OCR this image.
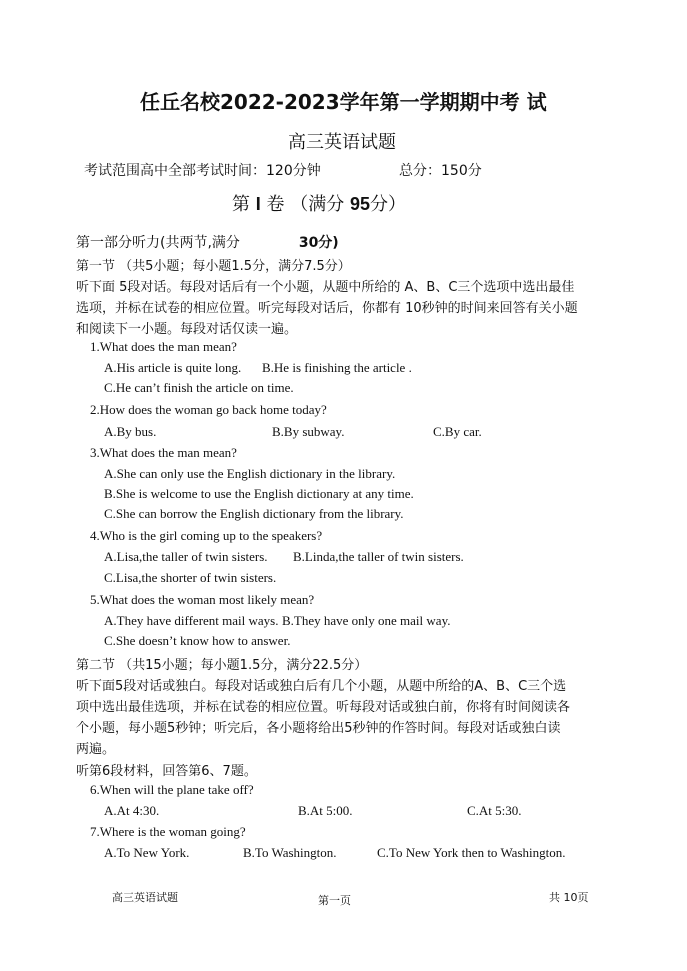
任丘名校2022-2023学年第一学期期中考 试
高三英语试题
考试范围高中全部考试时间：120分钟	总分：150分
第 I 卷 （满分 95分）
第一部分听力(共两节,满分	30分)
第一节 （共5小题；每小题1.5分，满分7.5分）
听下面 5段对话。每段对话后有一个小题，从题中所给的 A、B、C三个选项中选出最佳
选项，并标在试卷的相应位置。听完每段对话后，你都有 10秒钟的时间来回答有关小题
和阅读下一小题。每段对话仅读一遍。
1.What does the man mean?
A.His article is quite long. B.He is finishing the article .
C.He can’t finish the article on time.
2.How does the woman go back home today?
A.By bus.	B.By subway.	C.By car.
3.What does the man mean?
A.She can only use the English dictionary in the library.
B.She is welcome to use the English dictionary at any time.
C.She can borrow the English dictionary from the library.
4.Who is the girl coming up to the speakers?
A.Lisa,the taller of twin sisters. B.Linda,the taller of twin sisters.
C.Lisa,the shorter of twin sisters.
5.What does the woman most likely mean?
A.They have different mail ways. B.They have only one mail way.
C.She doesn’t know how to answer.
第二节 （共15小题；每小题1.5分，满分22.5分）
听下面5段对话或独白。每段对话或独白后有几个小题，从题中所给的A、B、C三个选
项中选出最佳选项，并标在试卷的相应位置。听每段对话或独白前，你将有时间阅读各
个小题，每小题5秒钟；听完后，各小题将给出5秒钟的作答时间。每段对话或独白读
两遍。
听第6段材料，回答第6、7题。
6.When will the plane take off?
A.At 4:30.	B.At 5:00.	C.At 5:30.
7.Where is the woman going?
A.To New York.	B.To Washington.	C.To New York then to Washington.
高三英语试题	第一页	共 10页
